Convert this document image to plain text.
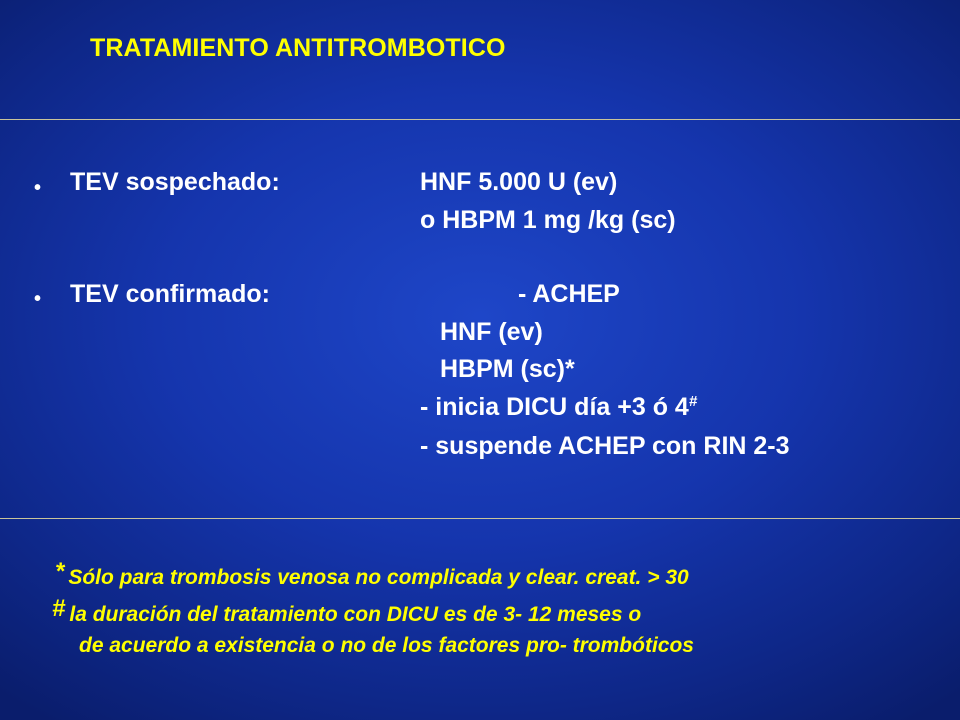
TRATAMIENTO ANTITROMBOTICO
• TEV sospechado:	HNF 5.000 U (ev)
o HBPM 1 mg /kg (sc)
• TEV confirmado:	- ACHEP
HNF (ev)
HBPM (sc)*
- inicia DICU día +3 ó 4#
- suspende ACHEP con RIN 2-3
* Sólo para trombosis venosa no complicada y clear. creat. > 30
# la duración del tratamiento con DICU es de 3- 12 meses o
de acuerdo a existencia o no de los factores pro- trombóticos
